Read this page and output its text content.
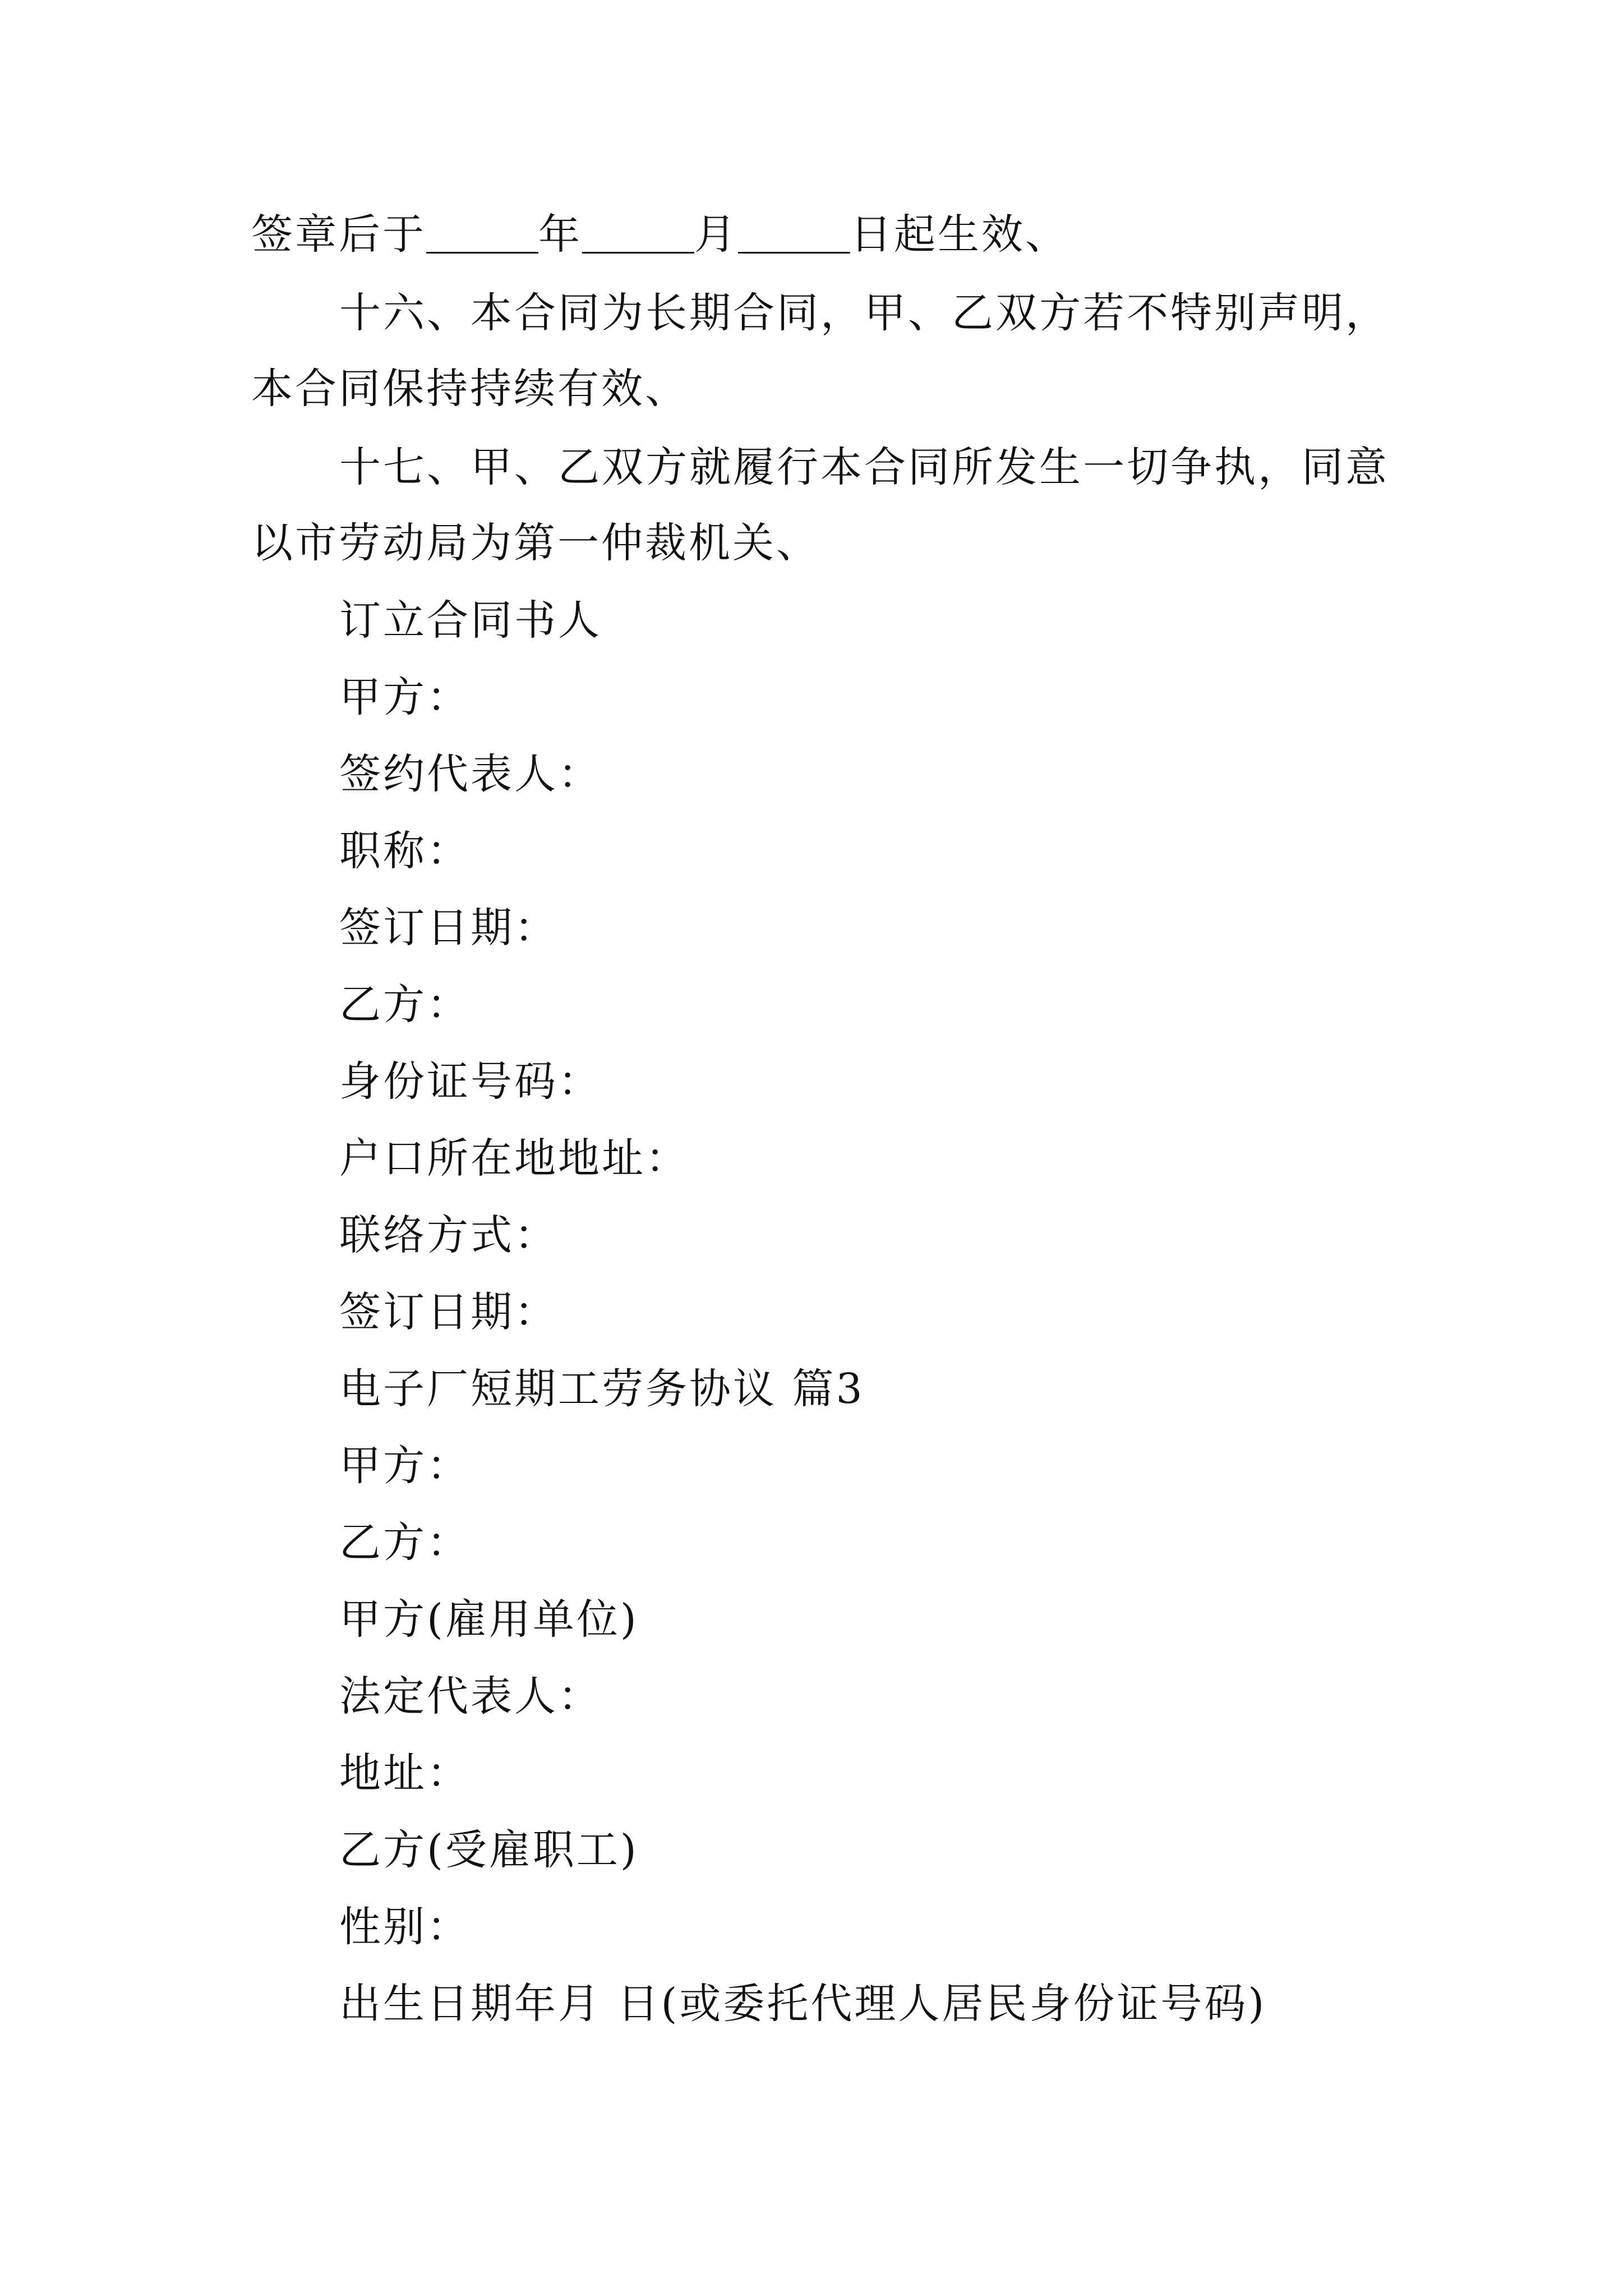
签章后于	年	月	日起生效、

十六、本合同为长期合同，甲、乙双方若不特别声明，

本合同保持持续有效、

十七、甲、乙双方就履行本合同所发生一切争执，同意

以市劳动局为第一仲裁机关、

订立合同书人

甲方：

签约代表人：

职称：

签订日期：

乙方：

身份证号码：

户口所在地地址：

联络方式：

签订日期：

电子厂短期工劳务协议 篇3

甲方：

乙方：

甲方(雇用单位)

法定代表人：

地址：

乙方(受雇职工)

性别：

出生日期年月 日(或委托代理人居民身份证号码)
